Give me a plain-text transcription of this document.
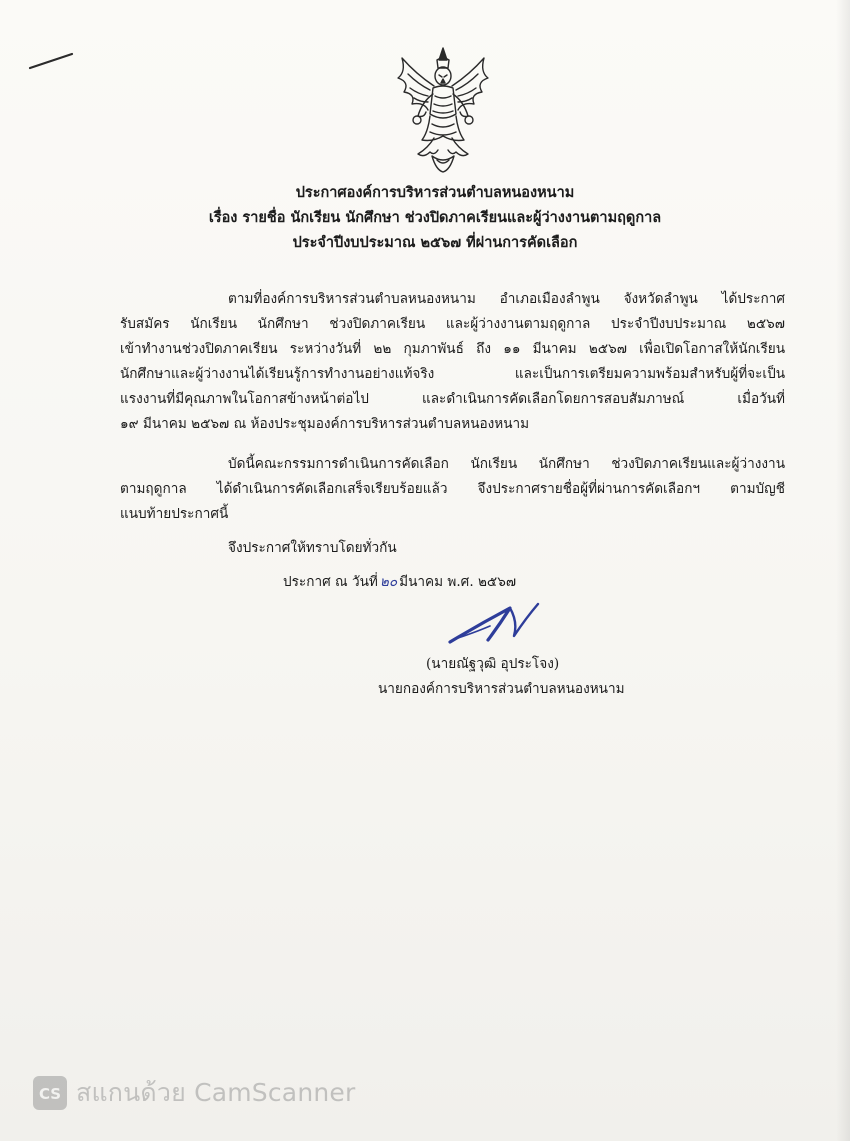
ประกาศองค์การบริหารส่วนตำบลหนองหนาม
เรื่อง รายชื่อ นักเรียน นักศึกษา ช่วงปิดภาคเรียนและผู้ว่างงานตามฤดูกาล
ประจำปีงบประมาณ ๒๕๖๗ ที่ผ่านการคัดเลือก
ตามที่องค์การบริหารส่วนตำบลหนองหนาม อำเภอเมืองลำพูน จังหวัดลำพูน ได้ประกาศ
รับสมัคร นักเรียน นักศึกษา ช่วงปิดภาคเรียน และผู้ว่างงานตามฤดูกาล ประจำปีงบประมาณ ๒๕๖๗
เข้าทำงานช่วงปิดภาคเรียน ระหว่างวันที่ ๒๒ กุมภาพันธ์ ถึง ๑๑ มีนาคม ๒๕๖๗ เพื่อเปิดโอกาสให้นักเรียน
นักศึกษาและผู้ว่างงานได้เรียนรู้การทำงานอย่างแท้จริง และเป็นการเตรียมความพร้อมสำหรับผู้ที่จะเป็น
แรงงานที่มีคุณภาพในโอกาสข้างหน้าต่อไป และดำเนินการคัดเลือกโดยการสอบสัมภาษณ์ เมื่อวันที่
๑๙ มีนาคม ๒๕๖๗ ณ ห้องประชุมองค์การบริหารส่วนตำบลหนองหนาม
บัดนี้คณะกรรมการดำเนินการคัดเลือก นักเรียน นักศึกษา ช่วงปิดภาคเรียนและผู้ว่างงาน
ตามฤดูกาล ได้ดำเนินการคัดเลือกเสร็จเรียบร้อยแล้ว จึงประกาศรายชื่อผู้ที่ผ่านการคัดเลือกฯ ตามบัญชี
แนบท้ายประกาศนี้
จึงประกาศให้ทราบโดยทั่วกัน
ประกาศ ณ วันที่ ๒๐ มีนาคม พ.ศ. ๒๕๖๗
(นายณัฐวุฒิ อุประโจง)
นายกองค์การบริหารส่วนตำบลหนองหนาม
CS สแกนด้วย CamScanner
